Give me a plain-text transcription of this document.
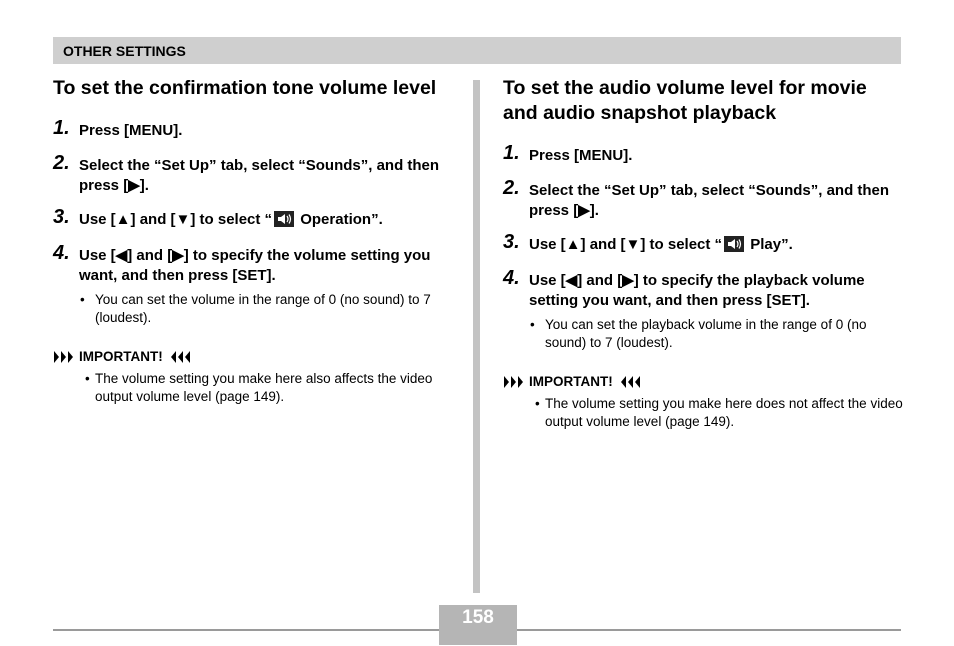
OTHER SETTINGS
To set the confirmation tone volume level
1. Press [MENU].
2. Select the “Set Up” tab, select “Sounds”, and then press [▶].
3. Use [▲] and [▼] to select “ Operation”.
4. Use [◀] and [▶] to specify the volume setting you want, and then press [SET].
• You can set the volume in the range of 0 (no sound) to 7 (loudest).
IMPORTANT!
• The volume setting you make here also affects the video output volume level (page 149).
To set the audio volume level for movie and audio snapshot playback
1. Press [MENU].
2. Select the “Set Up” tab, select “Sounds”, and then press [▶].
3. Use [▲] and [▼] to select “ Play”.
4. Use [◀] and [▶] to specify the playback volume setting you want, and then press [SET].
• You can set the playback volume in the range of 0 (no sound) to 7 (loudest).
IMPORTANT!
• The volume setting you make here does not affect the video output volume level (page 149).
158
